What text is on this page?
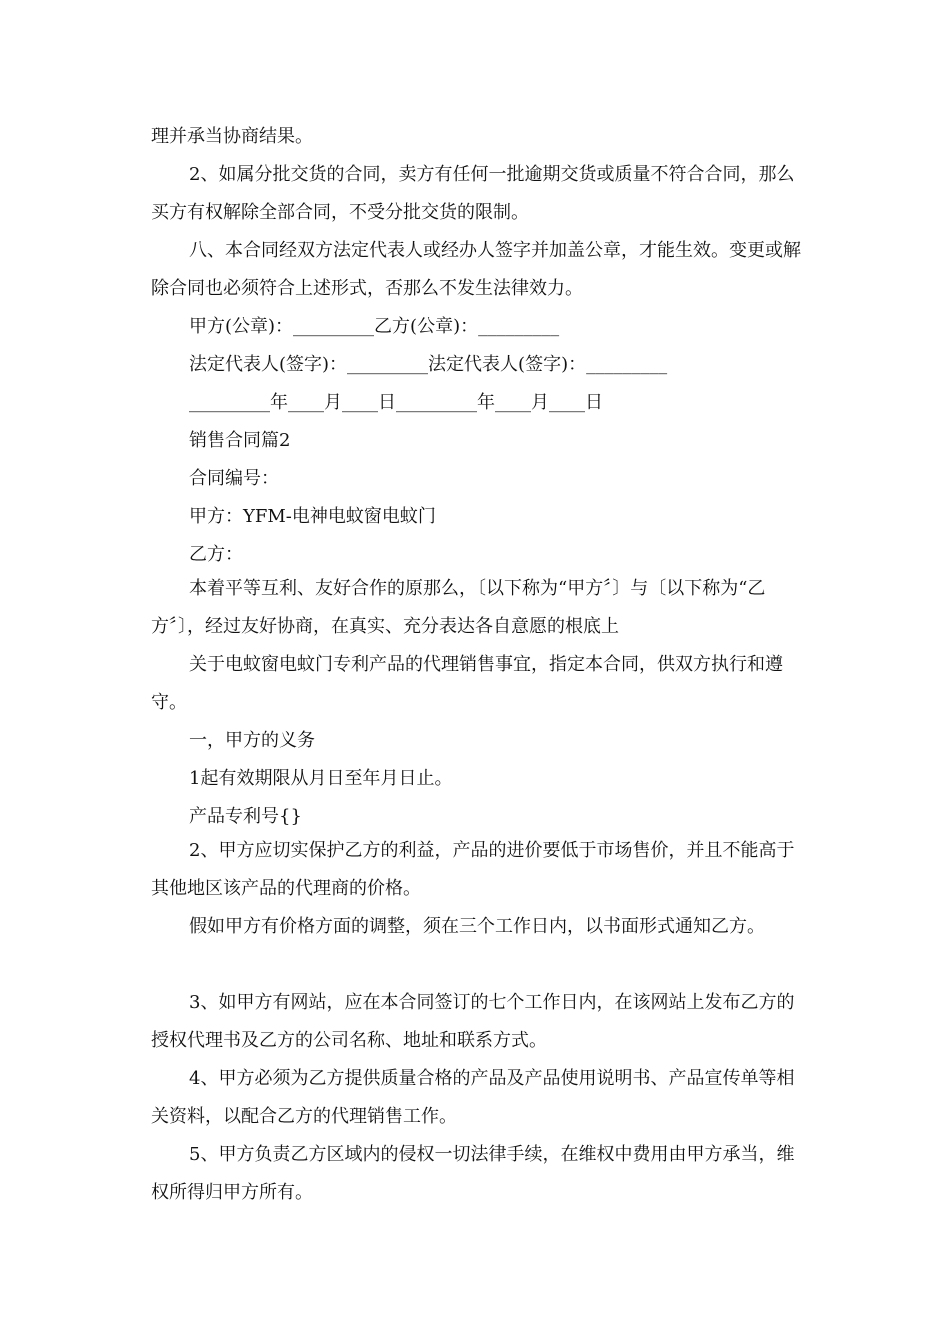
理并承当协商结果。

2、如属分批交货的合同，卖方有任何一批逾期交货或质量不符合合同，那么买方有权解除全部合同，不受分批交货的限制。

八、本合同经双方法定代表人或经办人签字并加盖公章，才能生效。变更或解除合同也必须符合上述形式，否那么不发生法律效力。

甲方(公章)：_________乙方(公章)：_________

法定代表人(签字)：_________法定代表人(签字)：_________

_________年____月____日_________年____月____日

销售合同篇2

合同编号：

甲方：YFM-电神电蚊窗电蚊门

乙方：

本着平等互利、友好合作的原那么，〔以下称为“甲方〞〕与〔以下称为“乙方〞〕，经过友好协商，在真实、充分表达各自意愿的根底上

关于电蚊窗电蚊门专利产品的代理销售事宜，指定本合同，供双方执行和遵守。

一，甲方的义务

1起有效期限从月日至年月日止。

产品专利号{}

2、甲方应切实保护乙方的利益，产品的进价要低于市场售价，并且不能高于其他地区该产品的代理商的价格。

假如甲方有价格方面的调整，须在三个工作日内，以书面形式通知乙方。

3、如甲方有网站，应在本合同签订的七个工作日内，在该网站上发布乙方的授权代理书及乙方的公司名称、地址和联系方式。

4、甲方必须为乙方提供质量合格的产品及产品使用说明书、产品宣传单等相关资料，以配合乙方的代理销售工作。

5、甲方负责乙方区域内的侵权一切法律手续，在维权中费用由甲方承当，维权所得归甲方所有。
